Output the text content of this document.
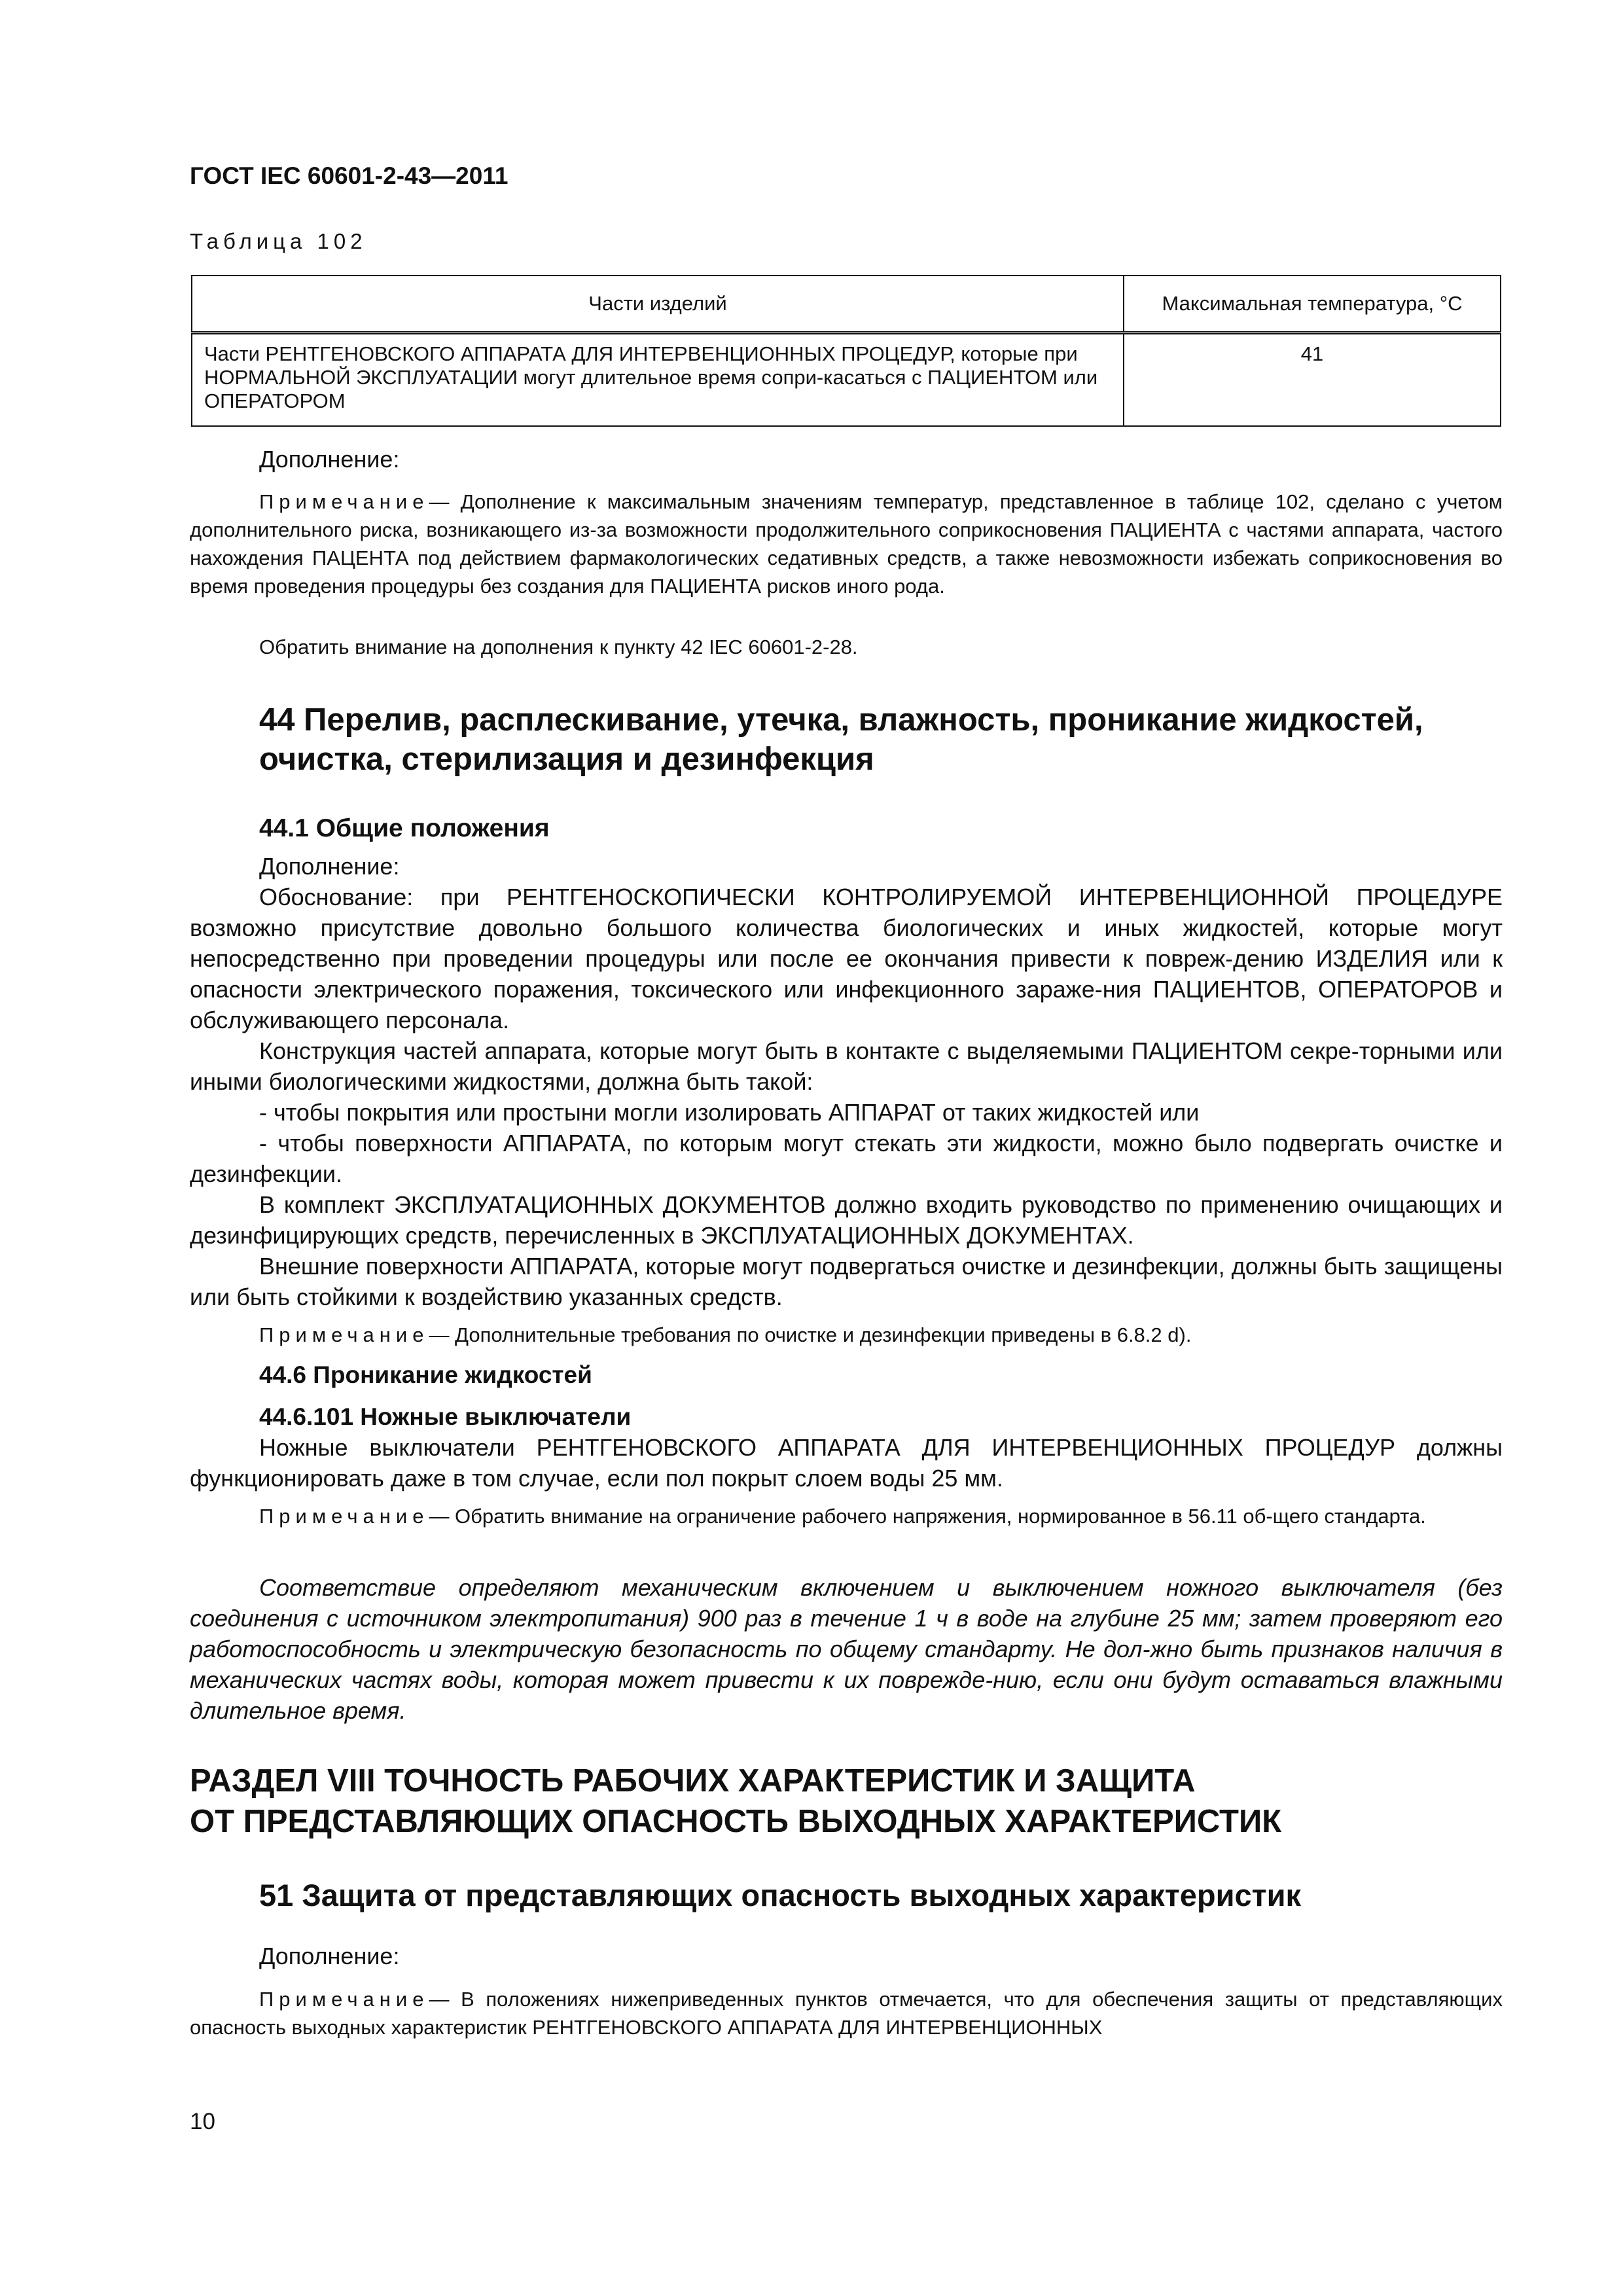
ГОСТ IEC 60601-2-43—2011
Таблица 102
Части изделий	Максимальная температура, °С
Части РЕНТГЕНОВСКОГО АППАРАТА ДЛЯ ИНТЕРВЕНЦИОННЫХ ПРОЦЕДУР, которые при НОРМАЛЬНОЙ ЭКСПЛУАТАЦИИ могут длительное время сопри-касаться с ПАЦИЕНТОМ или ОПЕРАТОРОМ	41
Дополнение:
Примечание— Дополнение к максимальным значениям температур, представленное в таблице 102, сделано с учетом дополнительного риска, возникающего из-за возможности продолжительного соприкосновения ПАЦИЕНТА с частями аппарата, частого нахождения ПАЦЕНТА под действием фармакологических седативных средств, а также невозможности избежать соприкосновения во время проведения процедуры без создания для ПАЦИЕНТА рисков иного рода.
Обратить внимание на дополнения к пункту 42 IEC 60601-2-28.
44 Перелив, расплескивание, утечка, влажность, проникание жидкостей,
очистка, стерилизация и дезинфекция
44.1 Общие положения
Дополнение:
Обоснование: при РЕНТГЕНОСКОПИЧЕСКИ КОНТРОЛИРУЕМОЙ ИНТЕРВЕНЦИОННОЙ ПРОЦЕДУРЕ возможно присутствие довольно большого количества биологических и иных жидкостей, которые могут непосредственно при проведении процедуры или после ее окончания привести к повреж-дению ИЗДЕЛИЯ или к опасности электрического поражения, токсического или инфекционного зараже-ния ПАЦИЕНТОВ, ОПЕРАТОРОВ и обслуживающего персонала.
Конструкция частей аппарата, которые могут быть в контакте с выделяемыми ПАЦИЕНТОМ секре-торными или иными биологическими жидкостями, должна быть такой:
- чтобы покрытия или простыни могли изолировать АППАРАТ от таких жидкостей или
- чтобы поверхности АППАРАТА, по которым могут стекать эти жидкости, можно было подвергать очистке и дезинфекции.
В комплект ЭКСПЛУАТАЦИОННЫХ ДОКУМЕНТОВ должно входить руководство по применению очищающих и дезинфицирующих средств, перечисленных в ЭКСПЛУАТАЦИОННЫХ ДОКУМЕНТАХ.
Внешние поверхности АППАРАТА, которые могут подвергаться очистке и дезинфекции, должны быть защищены или быть стойкими к воздействию указанных средств.
Примечание— Дополнительные требования по очистке и дезинфекции приведены в 6.8.2 d).
44.6 Проникание жидкостей
44.6.101 Ножные выключатели
Ножные выключатели РЕНТГЕНОВСКОГО АППАРАТА ДЛЯ ИНТЕРВЕНЦИОННЫХ ПРОЦЕДУР должны функционировать даже в том случае, если пол покрыт слоем воды 25 мм.
Примечание— Обратить внимание на ограничение рабочего напряжения, нормированное в 56.11 об-щего стандарта.
Соответствие определяют механическим включением и выключением ножного выключателя (без соединения с источником электропитания) 900 раз в течение 1 ч в воде на глубине 25 мм; затем проверяют его работоспособность и электрическую безопасность по общему стандарту. Не дол-жно быть признаков наличия в механических частях воды, которая может привести к их поврежде-нию, если они будут оставаться влажными длительное время.
РАЗДЕЛ VIII ТОЧНОСТЬ РАБОЧИХ ХАРАКТЕРИСТИК И ЗАЩИТА
ОТ ПРЕДСТАВЛЯЮЩИХ ОПАСНОСТЬ ВЫХОДНЫХ ХАРАКТЕРИСТИК
51 Защита от представляющих опасность выходных характеристик
Дополнение:
Примечание— В положениях нижеприведенных пунктов отмечается, что для обеспечения защиты от представляющих опасность выходных характеристик РЕНТГЕНОВСКОГО АППАРАТА ДЛЯ ИНТЕРВЕНЦИОННЫХ
10
